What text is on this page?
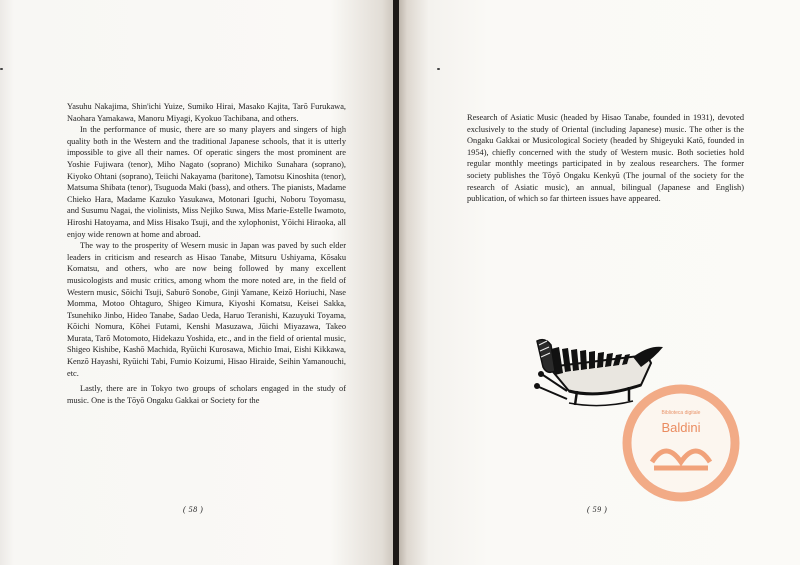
Yasuhu Nakajima, Shin'ichi Yuize, Sumiko Hirai, Masako Kajita, Tarō Furukawa, Naohara Yamakawa, Manoru Miyagi, Kyokuo Tachibana, and others.

In the performance of music, there are so many players and singers of high quality both in the Western and the traditional Japanese schools, that it is utterly impossible to give all their names. Of operatic singers the most prominent are Yoshie Fujiwara (tenor), Miho Nagato (soprano) Michiko Sunahara (soprano), Kiyoko Ohtani (soprano), Teiichi Nakayama (baritone), Tamotsu Kinoshita (tenor), Matsuma Shibata (tenor), Tsuguoda Maki (bass), and others. The pianists, Madame Chieko Hara, Madame Kazuko Yasukawa, Motonari Iguchi, Noboru Toyomasu, and Susumu Nagai, the violinists, Miss Nejiko Suwa, Miss Marie-Estelle Iwamoto, Hiroshi Hatoyama, and Miss Hisako Tsuji, and the xylophonist, Yōichi Hiraoka, all enjoy wide renown at home and abroad.

The way to the prosperity of Wesern music in Japan was paved by such elder leaders in criticism and research as Hisao Tanabe, Mitsuru Ushiyama, Kōsaku Komatsu, and others, who are now being followed by many excellent musicologists and music critics, among whom the more noted are, in the field of Western music, Sōichi Tsuji, Saburō Sonobe, Ginji Yamane, Keizō Horiuchi, Nase Momma, Motoo Ohtaguro, Shigeo Kimura, Kiyoshi Komatsu, Keisei Sakka, Tsunehiko Jinbo, Hideo Tanabe, Sadao Ueda, Haruo Teranishi, Kazuyuki Toyama, Kōichi Nomura, Kōhei Futami, Kenshi Masuzawa, Jūichi Miyazawa, Takeo Murata, Tarō Motomoto, Hidekazu Yoshida, etc., and in the field of oriental music, Shigeo Kishibe, Kashō Machida, Ryūichi Kurosawa, Michio Imai, Eishi Kikkawa, Kenzō Hayashi, Ryūichi Tabi, Fumio Koizumi, Hisao Hiraide, Seihin Yamanouchi, etc.

Lastly, there are in Tokyo two groups of scholars engaged in the study of music. One is the Tōyō Ongaku Gakkai or Society for the

( 58 )

Research of Asiatic Music (headed by Hisao Tanabe, founded in 1931), devoted exclusively to the study of Oriental (including Japanese) music. The other is the Ongaku Gakkai or Musicological Society (headed by Shigeyuki Katō, founded in 1954), chiefly concerned with the study of Western music. Both societies hold regular monthly meetings participated in by zealous researchers. The former society publishes the Tōyō Ongaku Kenkyū (The journal of the society for the research of Asiatic music), an annual, bilingual (Japanese and English) publication, of which so far thirteen issues have appeared.

Biblioteca digitale
Baldini
( 59 )
